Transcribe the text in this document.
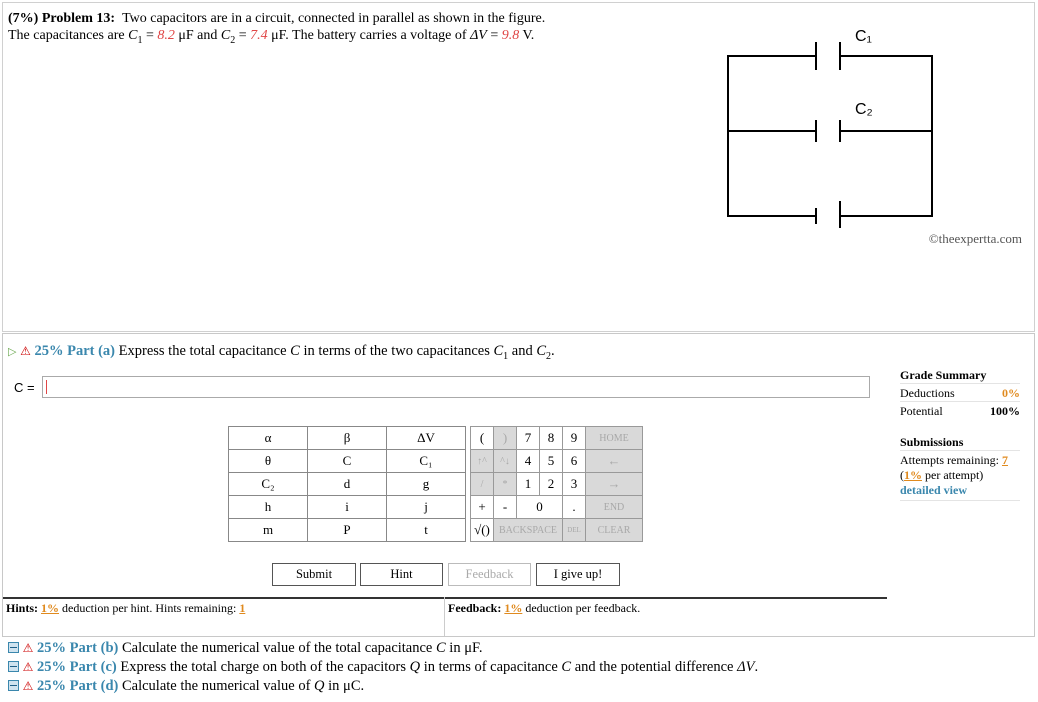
(7%) Problem 13: Two capacitors are in a circuit, connected in parallel as shown in the figure.
The capacitances are $C_1 = 8.2$ μF and $C_2 = 7.4$ μF. The battery carries a voltage of ΔV = 9.8 V.	C₁
C₂
©theexpertta.com
▷ ⚠ 25% Part (a) Express the total capacitance C in terms of the two capacitances $C_1$ and $C_2$.
C =
α	β	ΔV
θ	C	C₁
C₂	d	g
h	i	j
m	P	t
(	)	7	8	9	HOME
↑^	^↓	4	5	6	←
/	*	1	2	3	→
+	-	0		.	END
√()	BACKSPACE			DEL	CLEAR
Submit	Hint	Feedback	I give up!
Hints: 1% deduction per hint. Hints remaining: 1	Feedback: 1% deduction per feedback.
Grade Summary
Deductions	0%
Potential	100%
Submissions
Attempts remaining: 7
(1% per attempt)
detailed view
⚠ 25% Part (b) Calculate the numerical value of the total capacitance C in μF.
⚠ 25% Part (c) Express the total charge on both of the capacitors Q in terms of capacitance C and the potential difference ΔV.
⚠ 25% Part (d) Calculate the numerical value of Q in μC.
